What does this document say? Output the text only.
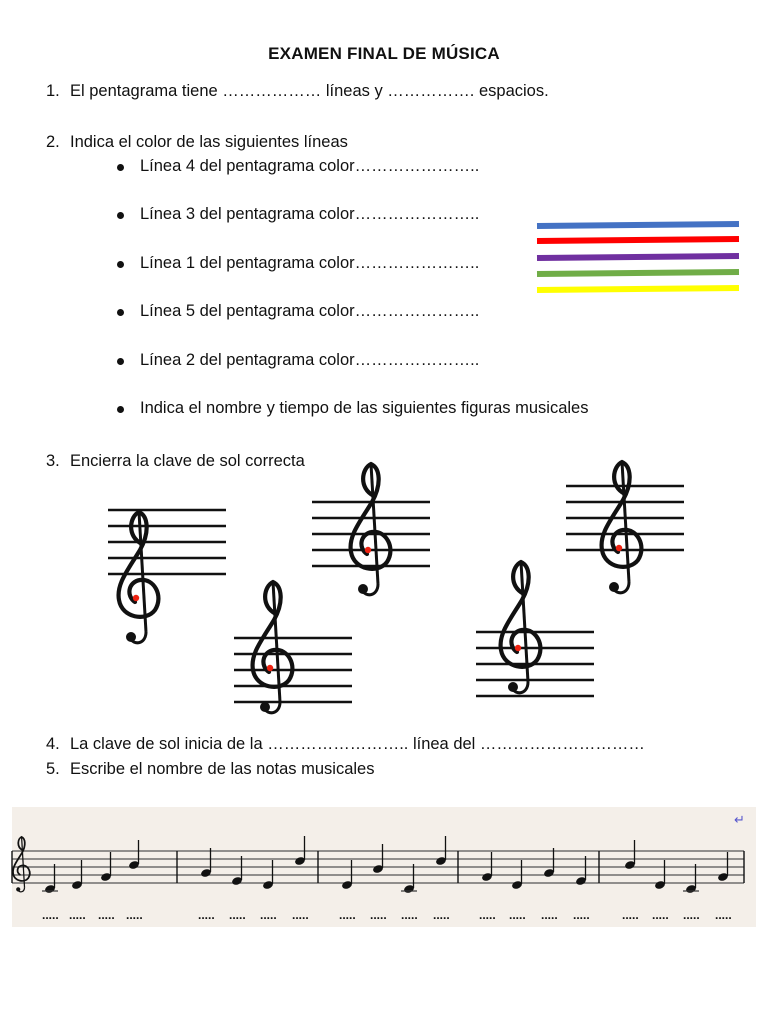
EXAMEN FINAL DE MÚSICA
1. El pentagrama tiene ……………… líneas y ……………. espacios.
2. Indica el color de las siguientes líneas
Línea 4 del pentagrama color…………………..
Línea 3 del pentagrama color…………………..
Línea 1 del pentagrama color…………………..
Línea 5 del pentagrama color…………………..
Línea 2 del pentagrama color…………………..
Indica el nombre y tiempo de las siguientes figuras musicales
3. Encierra la clave de sol correcta
4. La clave de sol inicia de la …………………….. línea del …………………………
5. Escribe el nombre de las notas musicales
..... ..... ..... .....	..... ..... ..... .....	..... ..... ..... ..... ..... ..... ..... .....	..... ..... ..... .....
↵
